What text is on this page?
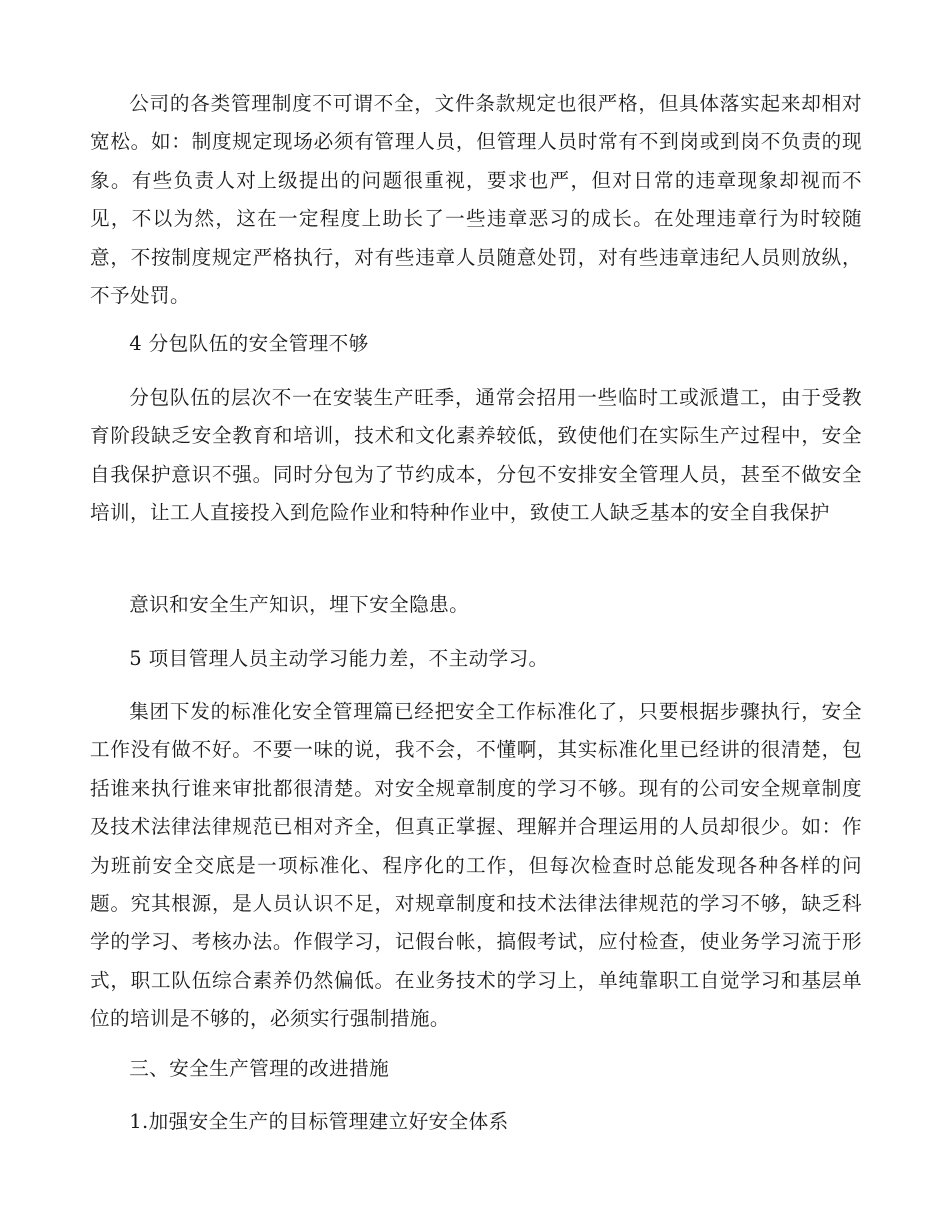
公司的各类管理制度不可谓不全，文件条款规定也很严格，但具体落实起来却相对宽松。如：制度规定现场必须有管理人员，但管理人员时常有不到岗或到岗不负责的现象。有些负责人对上级提出的问题很重视，要求也严，但对日常的违章现象却视而不见，不以为然，这在一定程度上助长了一些违章恶习的成长。在处理违章行为时较随意，不按制度规定严格执行，对有些违章人员随意处罚，对有些违章违纪人员则放纵，不予处罚。

4 分包队伍的安全管理不够

分包队伍的层次不一在安装生产旺季，通常会招用一些临时工或派遣工，由于受教育阶段缺乏安全教育和培训，技术和文化素养较低，致使他们在实际生产过程中，安全自我保护意识不强。同时分包为了节约成本，分包不安排安全管理人员，甚至不做安全培训，让工人直接投入到危险作业和特种作业中，致使工人缺乏基本的安全自我保护

意识和安全生产知识，埋下安全隐患。

5 项目管理人员主动学习能力差，不主动学习。

集团下发的标准化安全管理篇已经把安全工作标准化了，只要根据步骤执行，安全工作没有做不好。不要一味的说，我不会，不懂啊，其实标准化里已经讲的很清楚，包括谁来执行谁来审批都很清楚。对安全规章制度的学习不够。现有的公司安全规章制度及技术法律法律规范已相对齐全，但真正掌握、理解并合理运用的人员却很少。如：作为班前安全交底是一项标准化、程序化的工作，但每次检查时总能发现各种各样的问题。究其根源，是人员认识不足，对规章制度和技术法律法律规范的学习不够，缺乏科学的学习、考核办法。作假学习，记假台帐，搞假考试，应付检查，使业务学习流于形式，职工队伍综合素养仍然偏低。在业务技术的学习上，单纯靠职工自觉学习和基层单位的培训是不够的，必须实行强制措施。

三、安全生产管理的改进措施

1.加强安全生产的目标管理建立好安全体系
